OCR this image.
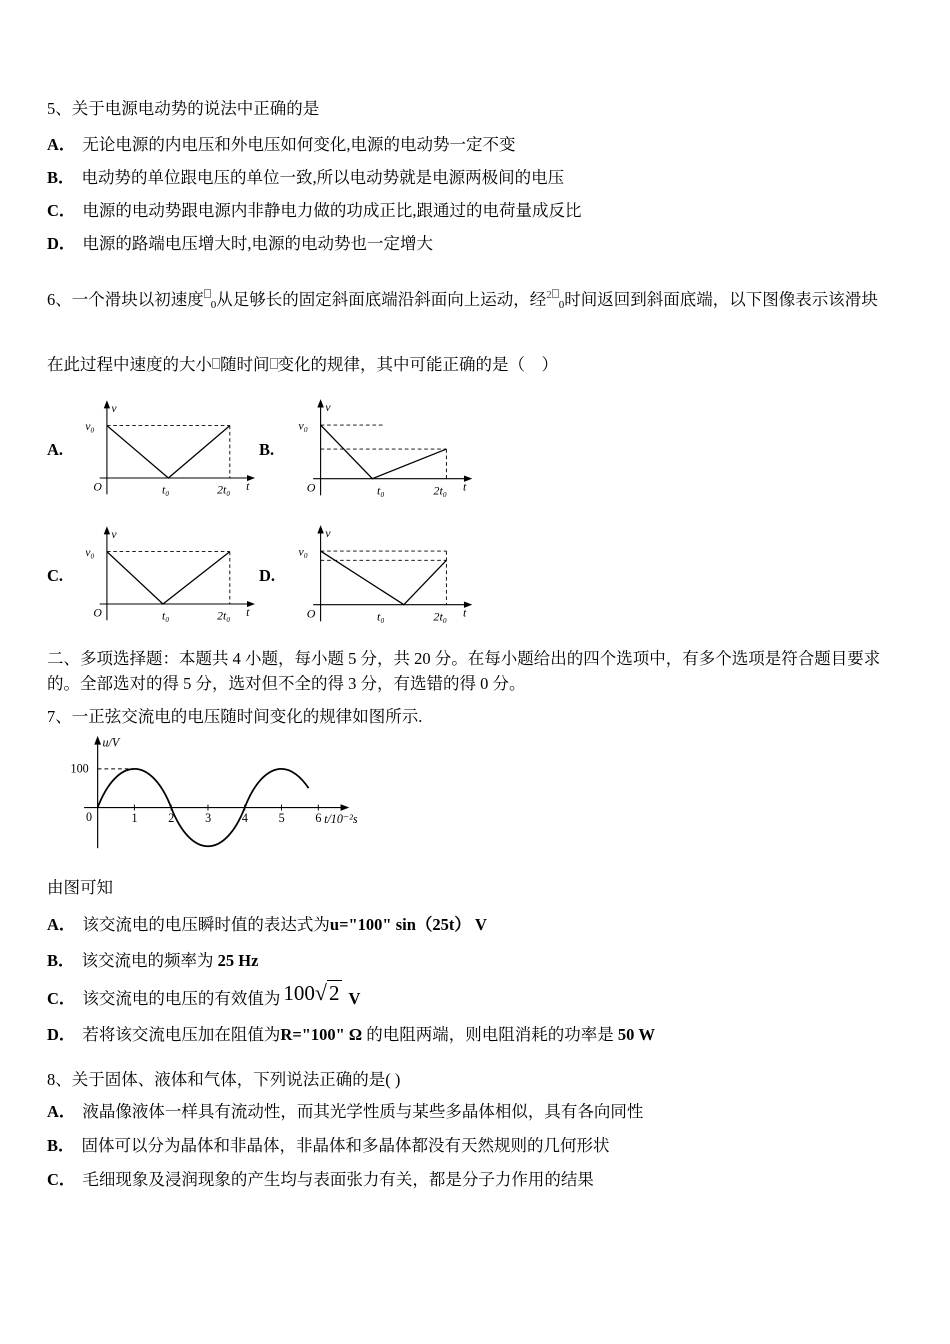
5、关于电源电动势的说法中正确的是

A． 无论电源的内电压和外电压如何变化,电源的电动势一定不变

B． 电动势的单位跟电压的单位一致,所以电动势就是电源两极间的电压

C． 电源的电动势跟电源内非静电力做的功成正比,跟通过的电荷量成反比

D． 电源的路端电压增大时,电源的电动势也一定增大

6、一个滑块以初速度 0从足够长的固定斜面底端沿斜面向上运动，经$^2$0时间返回到斜面底端，以下图像表示该滑块

在此过程中速度的大小 随时间 变化的规律，其中可能正确的是（　）

A.
v
v₀
O	t₀	2t₀ t
B.
v
v₀
O	t₀	2t₀ t
C.
v
v₀
O	t₀	2t₀ t
D.
v
v₀
O	t₀	2t₀ t

二、多项选择题：本题共 4 小题，每小题 5 分，共 20 分。在每小题给出的四个选项中，有多个选项是符合题目要求的。全部选对的得 5 分，选对但不全的得 3 分，有选错的得 0 分。

7、一正弦交流电的电压随时间变化的规律如图所示.

u/V
100
0	1 2 3 4 5 6 t/10⁻²s

由图可知

A． 该交流电的电压瞬时值的表达式为u="100" sin（25t） V

B． 该交流电的频率为 25 Hz

C． 该交流电的电压的有效值为 100√2 V

D． 若将该交流电压加在阻值为R="100" Ω 的电阻两端，则电阻消耗的功率是 50 W

8、关于固体、液体和气体，下列说法正确的是( )

A． 液晶像液体一样具有流动性，而其光学性质与某些多晶体相似，具有各向同性

B． 固体可以分为晶体和非晶体，非晶体和多晶体都没有天然规则的几何形状

C． 毛细现象及浸润现象的产生均与表面张力有关，都是分子力作用的结果
